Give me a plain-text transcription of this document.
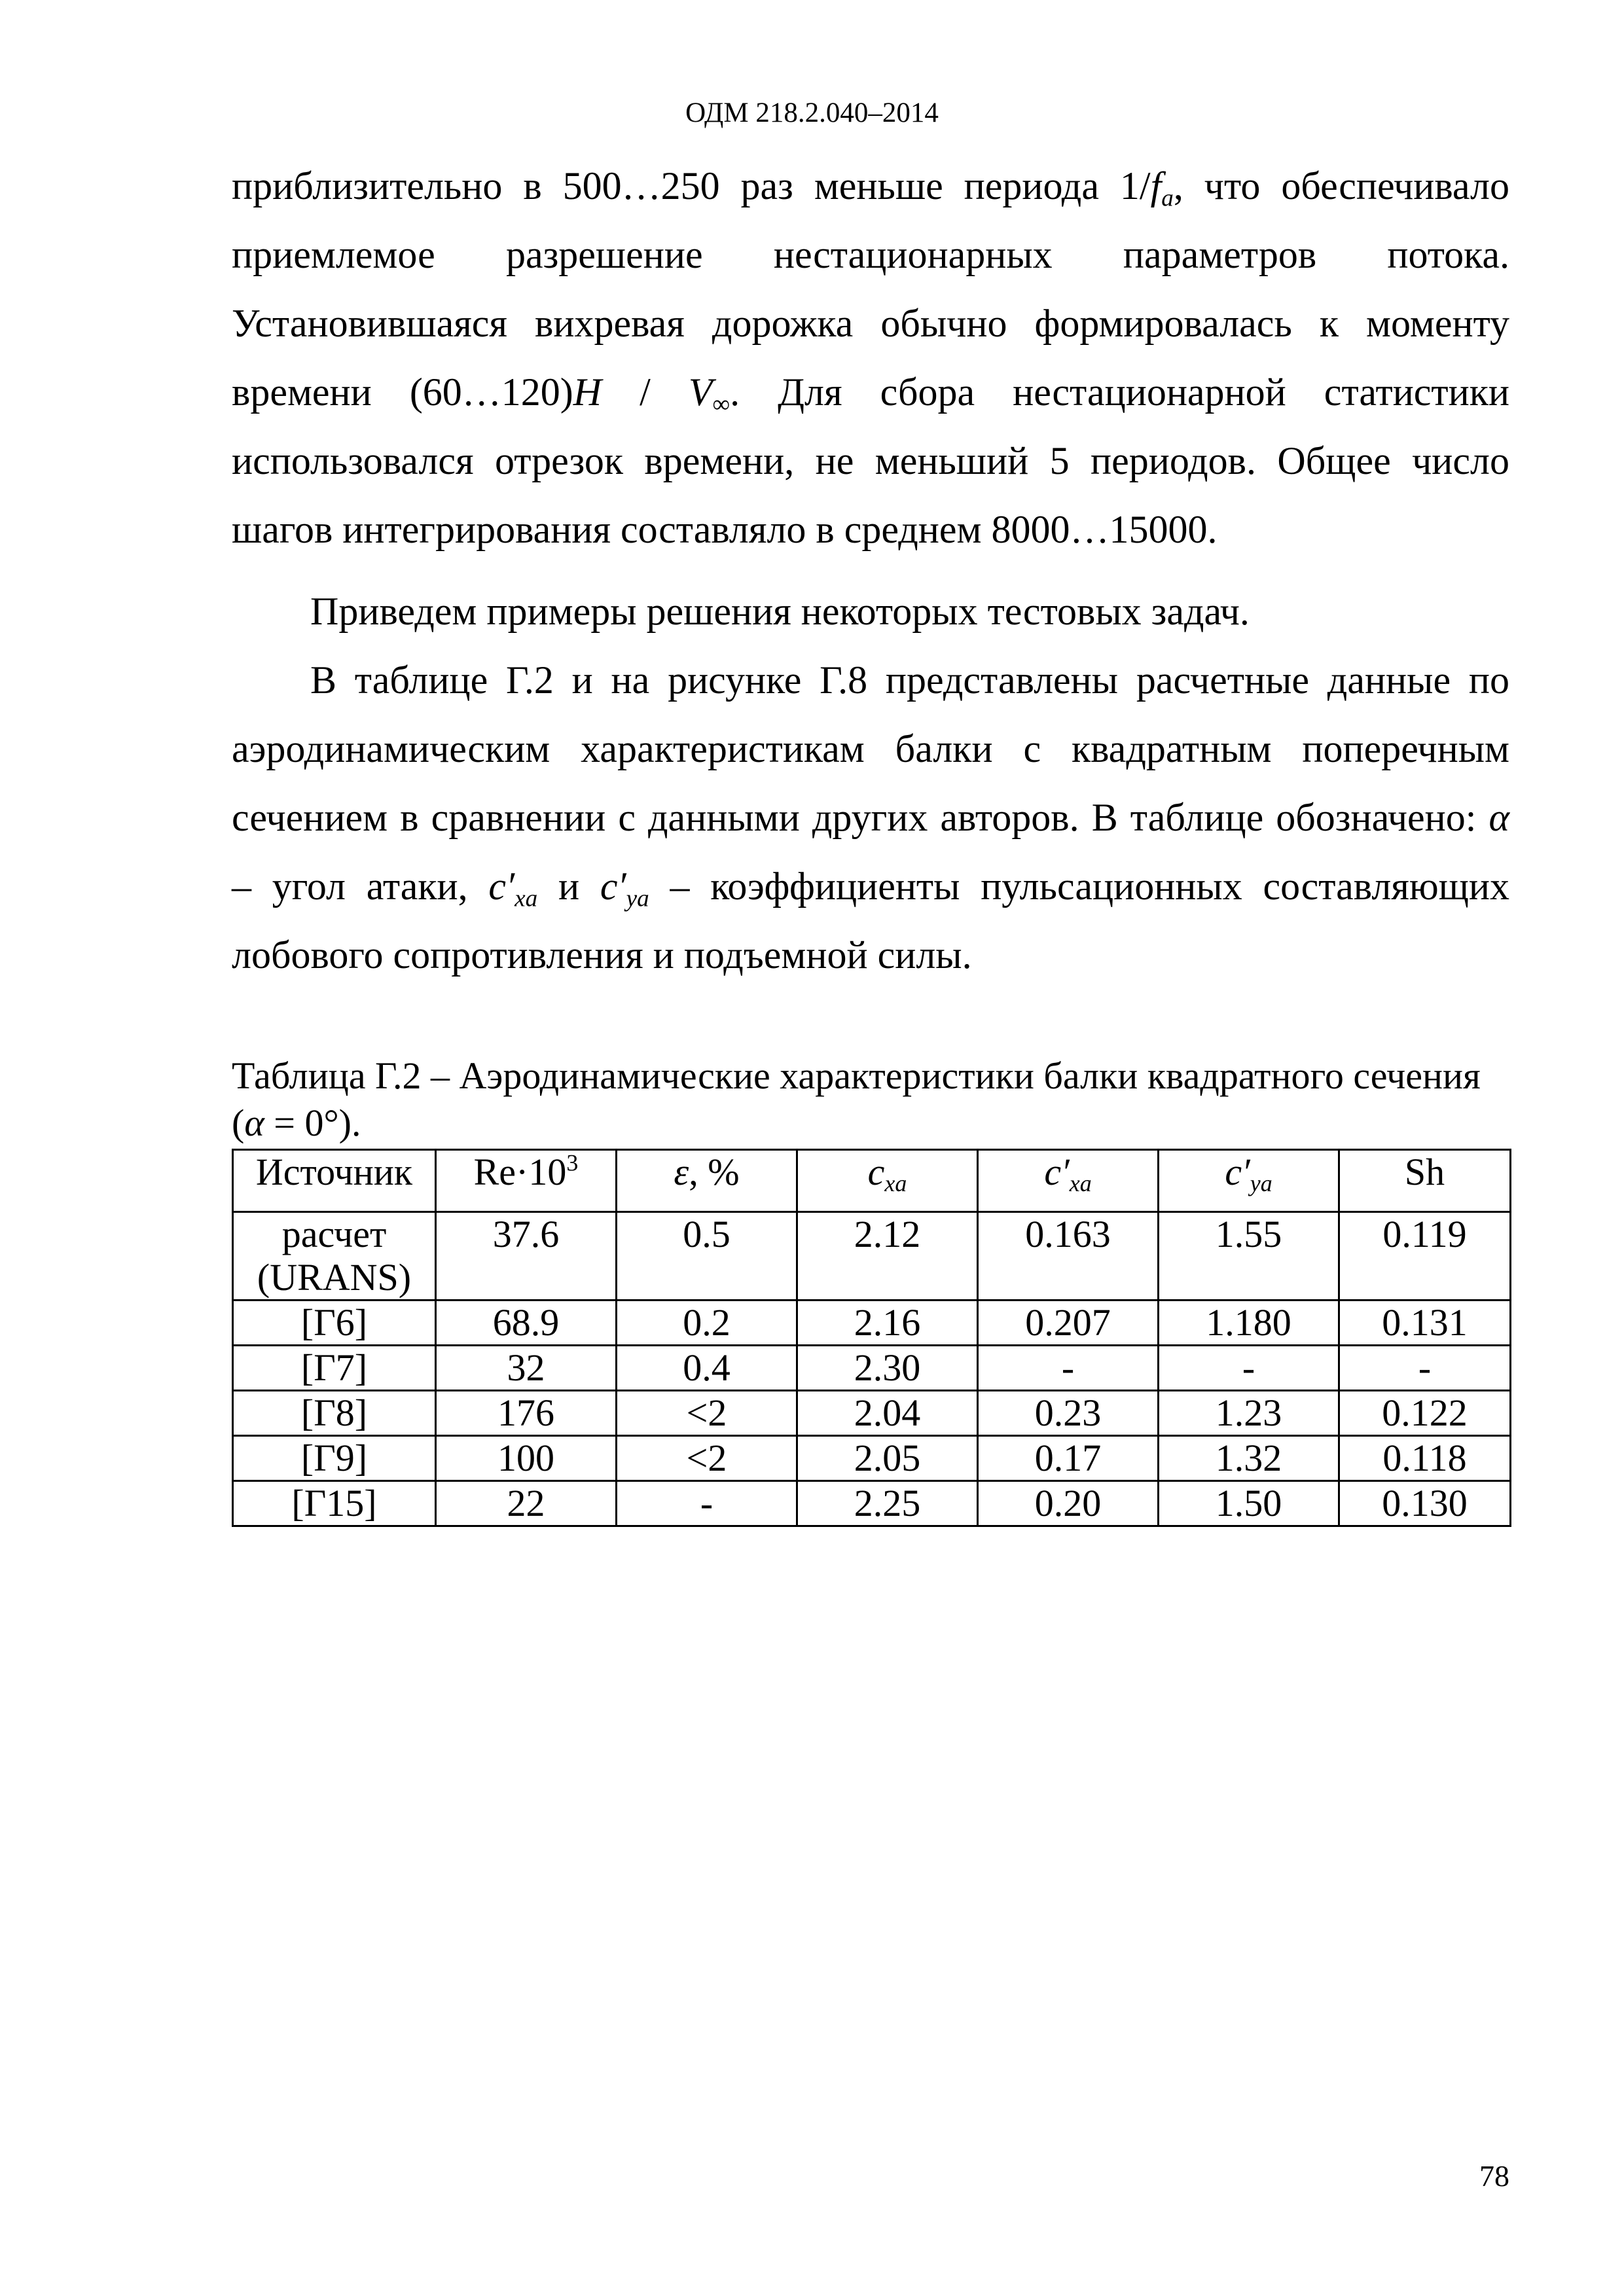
ОДМ 218.2.040–2014

приблизительно в 500…250 раз меньше периода $1/f_a$, что обеспечивало приемлемое разрешение нестационарных параметров потока. Установившаяся вихревая дорожка обычно формировалась к моменту времени (60…120)H / $V_\infty$. Для сбора нестационарной статистики использовался отрезок времени, не меньший 5 периодов. Общее число шагов интегрирования составляло в среднем 8000…15000.

Приведем примеры решения некоторых тестовых задач.

В таблице Г.2 и на рисунке Г.8 представлены расчетные данные по аэродинамическим характеристикам балки с квадратным поперечным сечением в сравнении с данными других авторов. В таблице обозначено: α – угол атаки, $c'_{xa}$ и $c'_{ya}$ – коэффициенты пульсационных составляющих лобового сопротивления и подъемной силы.

Таблица Г.2 – Аэродинамические характеристики балки квадратного сечения (α = 0°).

Источник	$Re\cdot 10^3$	ε, %	$c_{xa}$	$c'_{xa}$	$c'_{ya}$	Sh
расчет (URANS)	37.6	0.5	2.12	0.163	1.55	0.119
[Г6]	68.9	0.2	2.16	0.207	1.180	0.131
[Г7]	32	0.4	2.30	-	-	-
[Г8]	176	<2	2.04	0.23	1.23	0.122
[Г9]	100	<2	2.05	0.17	1.32	0.118
[Г15]	22	-	2.25	0.20	1.50	0.130
78
